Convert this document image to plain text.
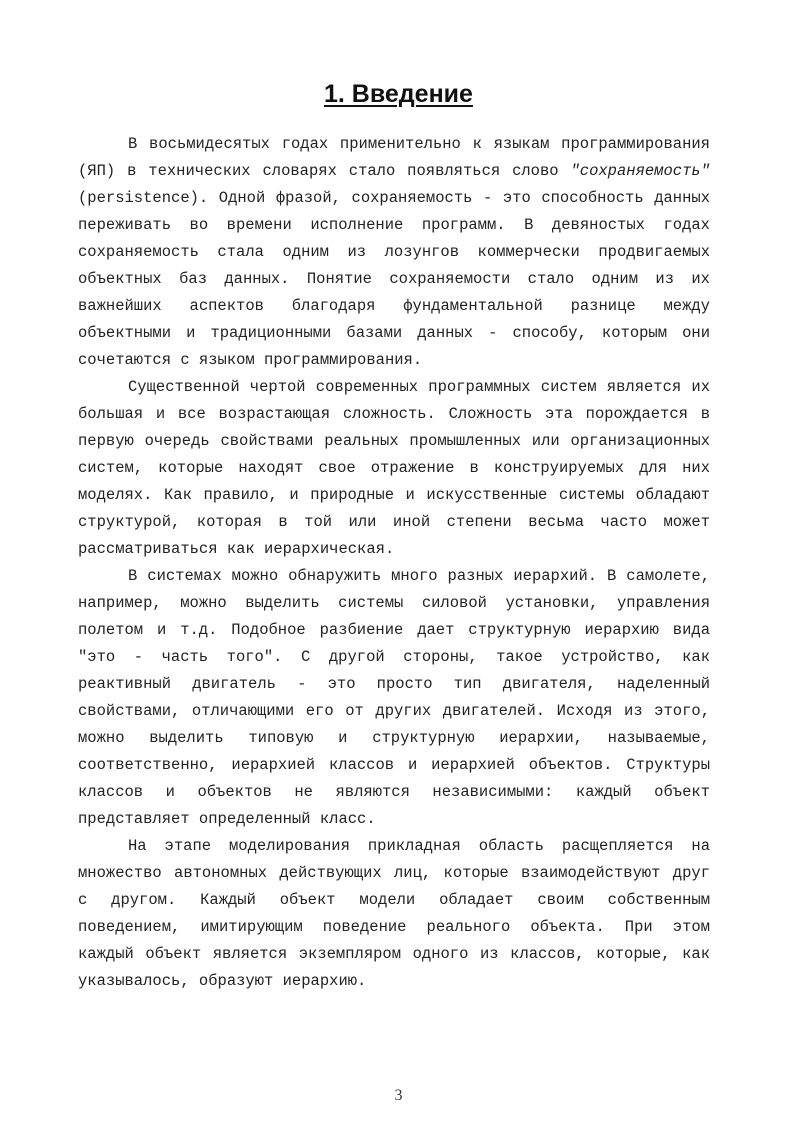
1. Введение

В восьмидесятых годах применительно к языкам программирования (ЯП) в технических словарях стало появляться слово "сохраняемость" (persistence). Одной фразой, сохраняемость - это способность данных переживать во времени исполнение программ. В девяностых годах сохраняемость стала одним из лозунгов коммерчески продвигаемых объектных баз данных. Понятие сохраняемости стало одним из их важнейших аспектов благодаря фундаментальной разнице между объектными и традиционными базами данных - способу, которым они сочетаются с языком программирования.

Существенной чертой современных программных систем является их большая и все возрастающая сложность. Сложность эта порождается в первую очередь свойствами реальных промышленных или организационных систем, которые находят свое отражение в конструируемых для них моделях. Как правило, и природные и искусственные системы обладают структурой, которая в той или иной степени весьма часто может рассматриваться как иерархическая.

В системах можно обнаружить много разных иерархий. В самолете, например, можно выделить системы силовой установки, управления полетом и т.д. Подобное разбиение дает структурную иерархию вида "это - часть того". С другой стороны, такое устройство, как реактивный двигатель - это просто тип двигателя, наделенный свойствами, отличающими его от других двигателей. Исходя из этого, можно выделить типовую и структурную иерархии, называемые, соответственно, иерархией классов и иерархией объектов. Структуры классов и объектов не являются независимыми: каждый объект представляет определенный класс.

На этапе моделирования прикладная область расщепляется на множество автономных действующих лиц, которые взаимодействуют друг с другом. Каждый объект модели обладает своим собственным поведением, имитирующим поведение реального объекта. При этом каждый объект является экземпляром одного из классов, которые, как указывалось, образуют иерархию.

3
